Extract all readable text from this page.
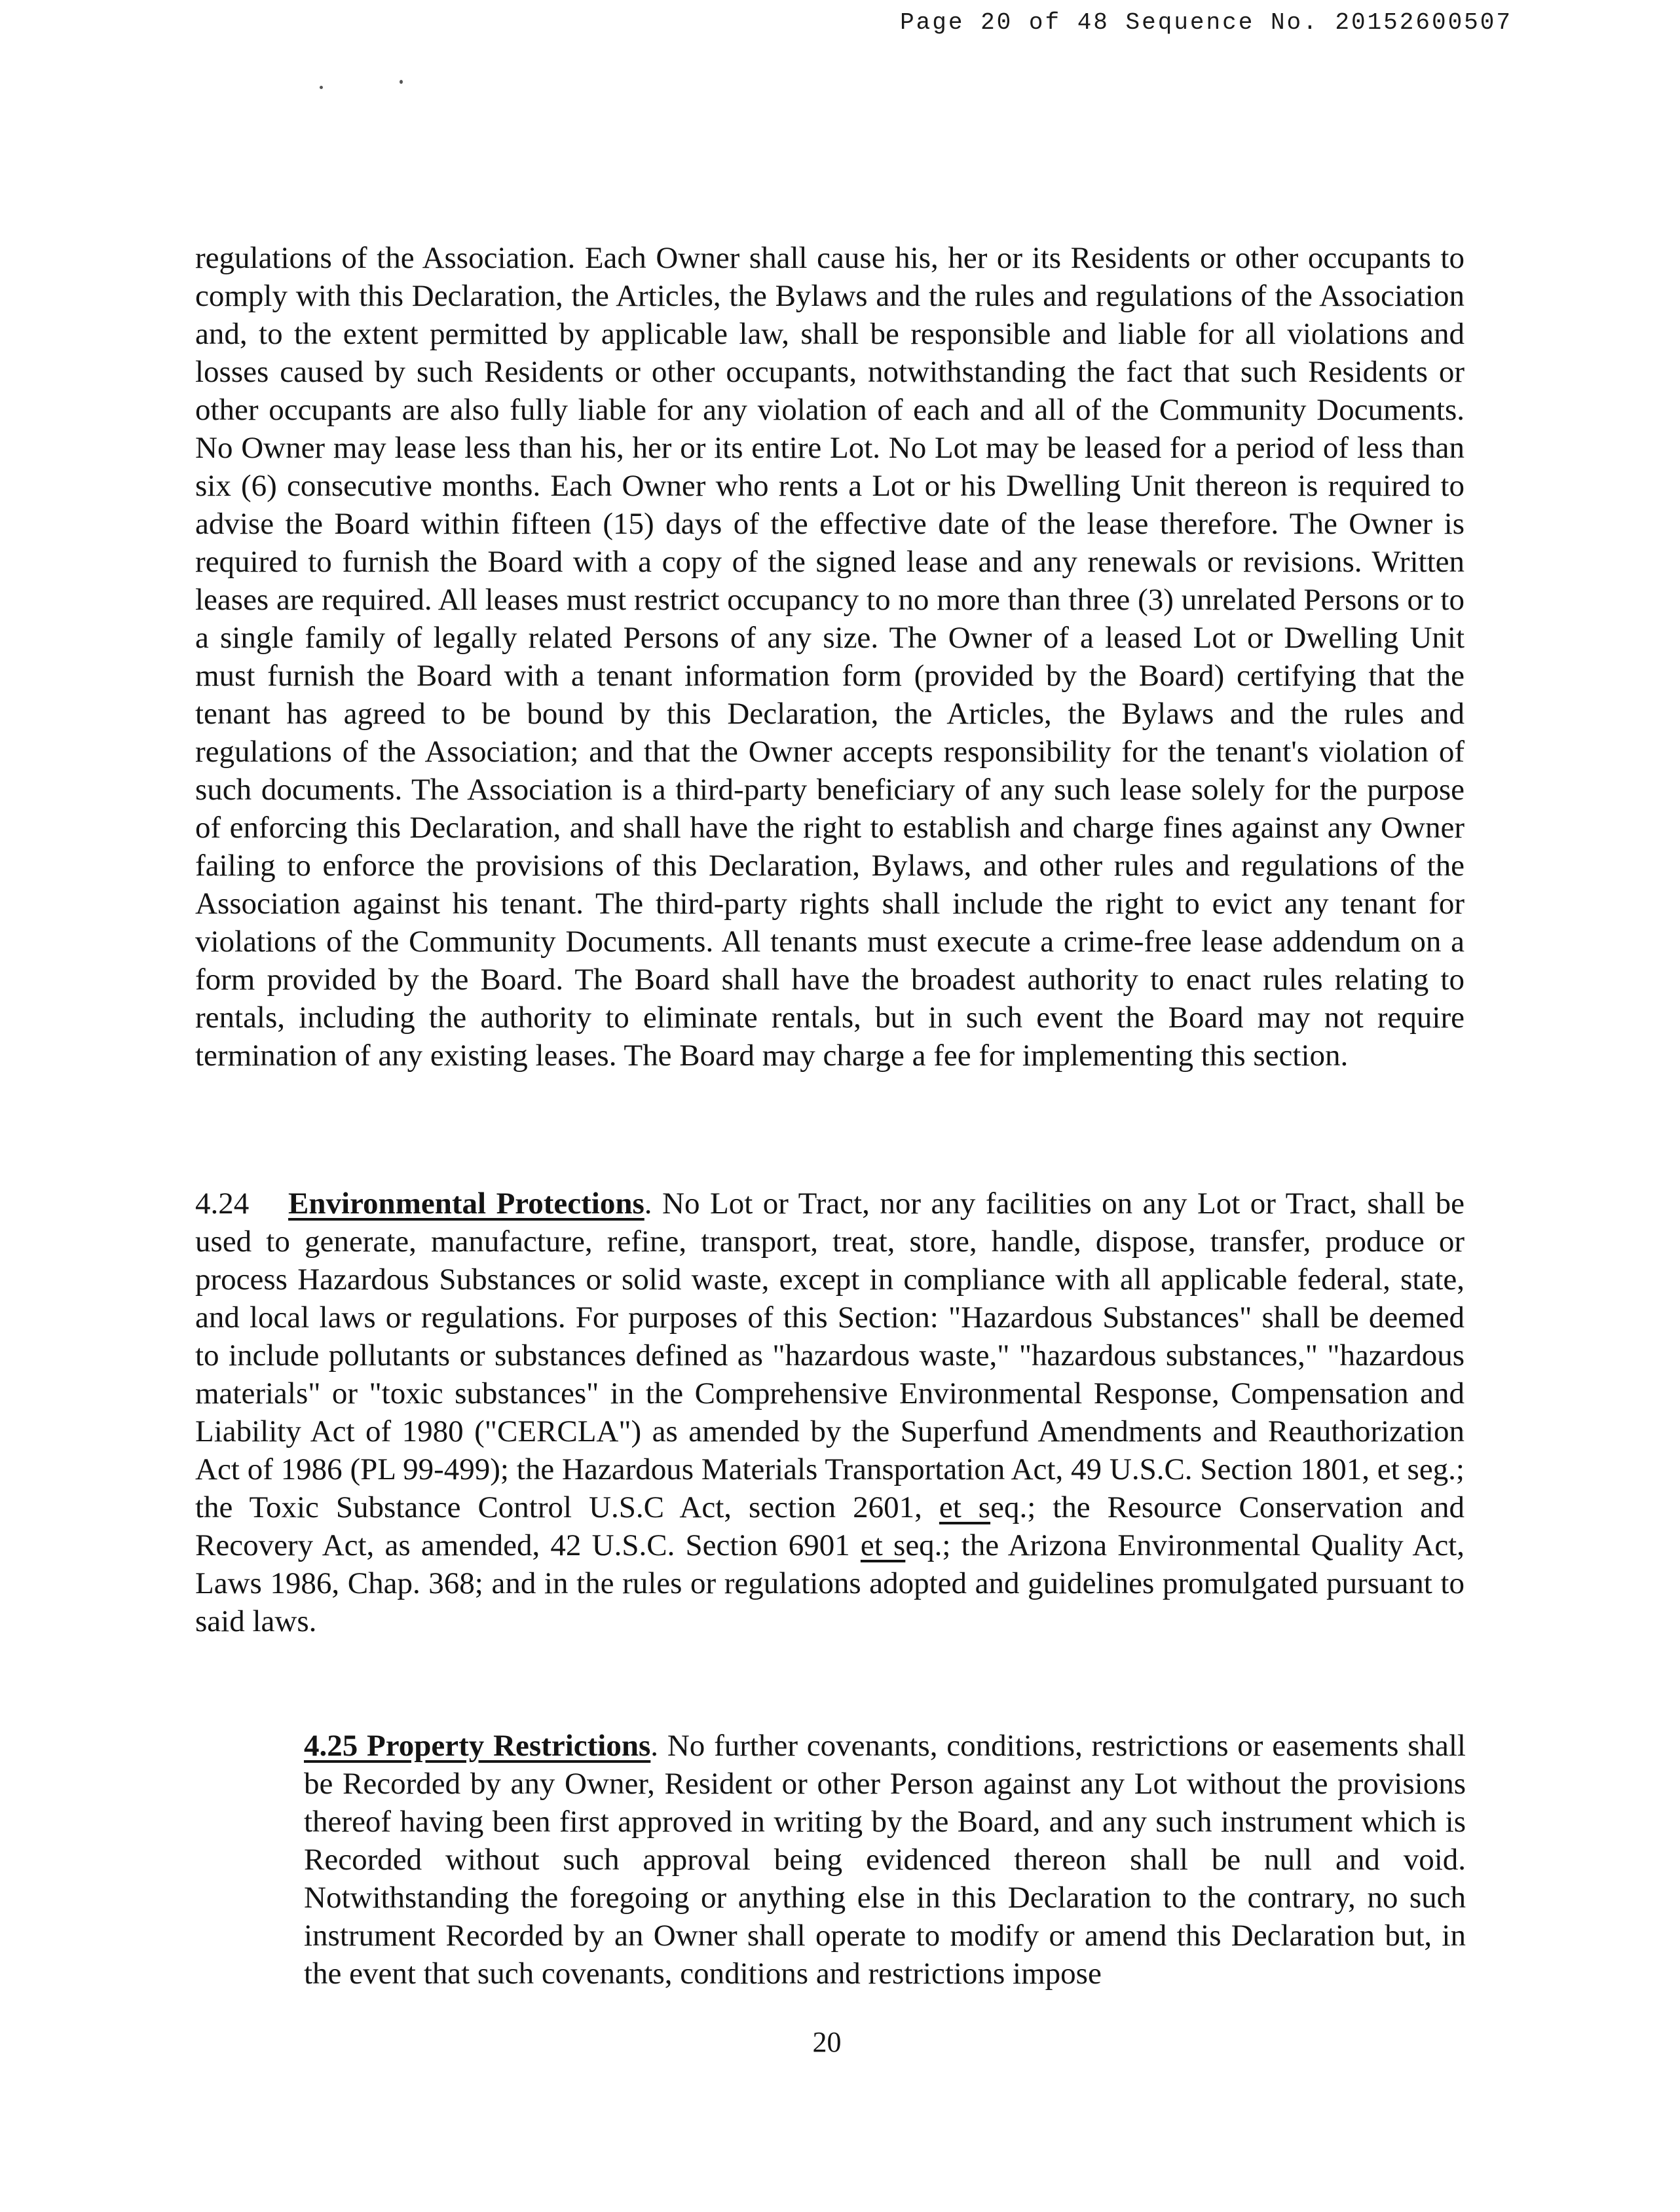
Page 20 of 48 Sequence No. 20152600507

regulations of the Association. Each Owner shall cause his, her or its Residents or other occupants to comply with this Declaration, the Articles, the Bylaws and the rules and regulations of the Association and, to the extent permitted by applicable law, shall be responsible and liable for all violations and losses caused by such Residents or other occupants, notwithstanding the fact that such Residents or other occupants are also fully liable for any violation of each and all of the Community Documents. No Owner may lease less than his, her or its entire Lot. No Lot may be leased for a period of less than six (6) consecutive months. Each Owner who rents a Lot or his Dwelling Unit thereon is required to advise the Board within fifteen (15) days of the effective date of the lease therefore. The Owner is required to furnish the Board with a copy of the signed lease and any renewals or revisions. Written leases are required. All leases must restrict occupancy to no more than three (3) unrelated Persons or to a single family of legally related Persons of any size. The Owner of a leased Lot or Dwelling Unit must furnish the Board with a tenant information form (provided by the Board) certifying that the tenant has agreed to be bound by this Declaration, the Articles, the Bylaws and the rules and regulations of the Association; and that the Owner accepts responsibility for the tenant's violation of such documents. The Association is a third-party beneficiary of any such lease solely for the purpose of enforcing this Declaration, and shall have the right to establish and charge fines against any Owner failing to enforce the provisions of this Declaration, Bylaws, and other rules and regulations of the Association against his tenant. The third-party rights shall include the right to evict any tenant for violations of the Community Documents. All tenants must execute a crime-free lease addendum on a form provided by the Board. The Board shall have the broadest authority to enact rules relating to rentals, including the authority to eliminate rentals, but in such event the Board may not require termination of any existing leases. The Board may charge a fee for implementing this section.

4.24 Environmental Protections. No Lot or Tract, nor any facilities on any Lot or Tract, shall be used to generate, manufacture, refine, transport, treat, store, handle, dispose, transfer, produce or process Hazardous Substances or solid waste, except in compliance with all applicable federal, state, and local laws or regulations. For purposes of this Section: "Hazardous Substances" shall be deemed to include pollutants or substances defined as "hazardous waste," "hazardous substances," "hazardous materials" or "toxic substances" in the Comprehensive Environmental Response, Compensation and Liability Act of 1980 ("CERCLA") as amended by the Superfund Amendments and Reauthorization Act of 1986 (PL 99-499); the Hazardous Materials Transportation Act, 49 U.S.C. Section 1801, et seg.; the Toxic Substance Control U.S.C Act, section 2601, et seq.; the Resource Conservation and Recovery Act, as amended, 42 U.S.C. Section 6901 et seq.; the Arizona Environmental Quality Act, Laws 1986, Chap. 368; and in the rules or regulations adopted and guidelines promulgated pursuant to said laws.

4.25 Property Restrictions. No further covenants, conditions, restrictions or easements shall be Recorded by any Owner, Resident or other Person against any Lot without the provisions thereof having been first approved in writing by the Board, and any such instrument which is Recorded without such approval being evidenced thereon shall be null and void. Notwithstanding the foregoing or anything else in this Declaration to the contrary, no such instrument Recorded by an Owner shall operate to modify or amend this Declaration but, in the event that such covenants, conditions and restrictions impose

20
